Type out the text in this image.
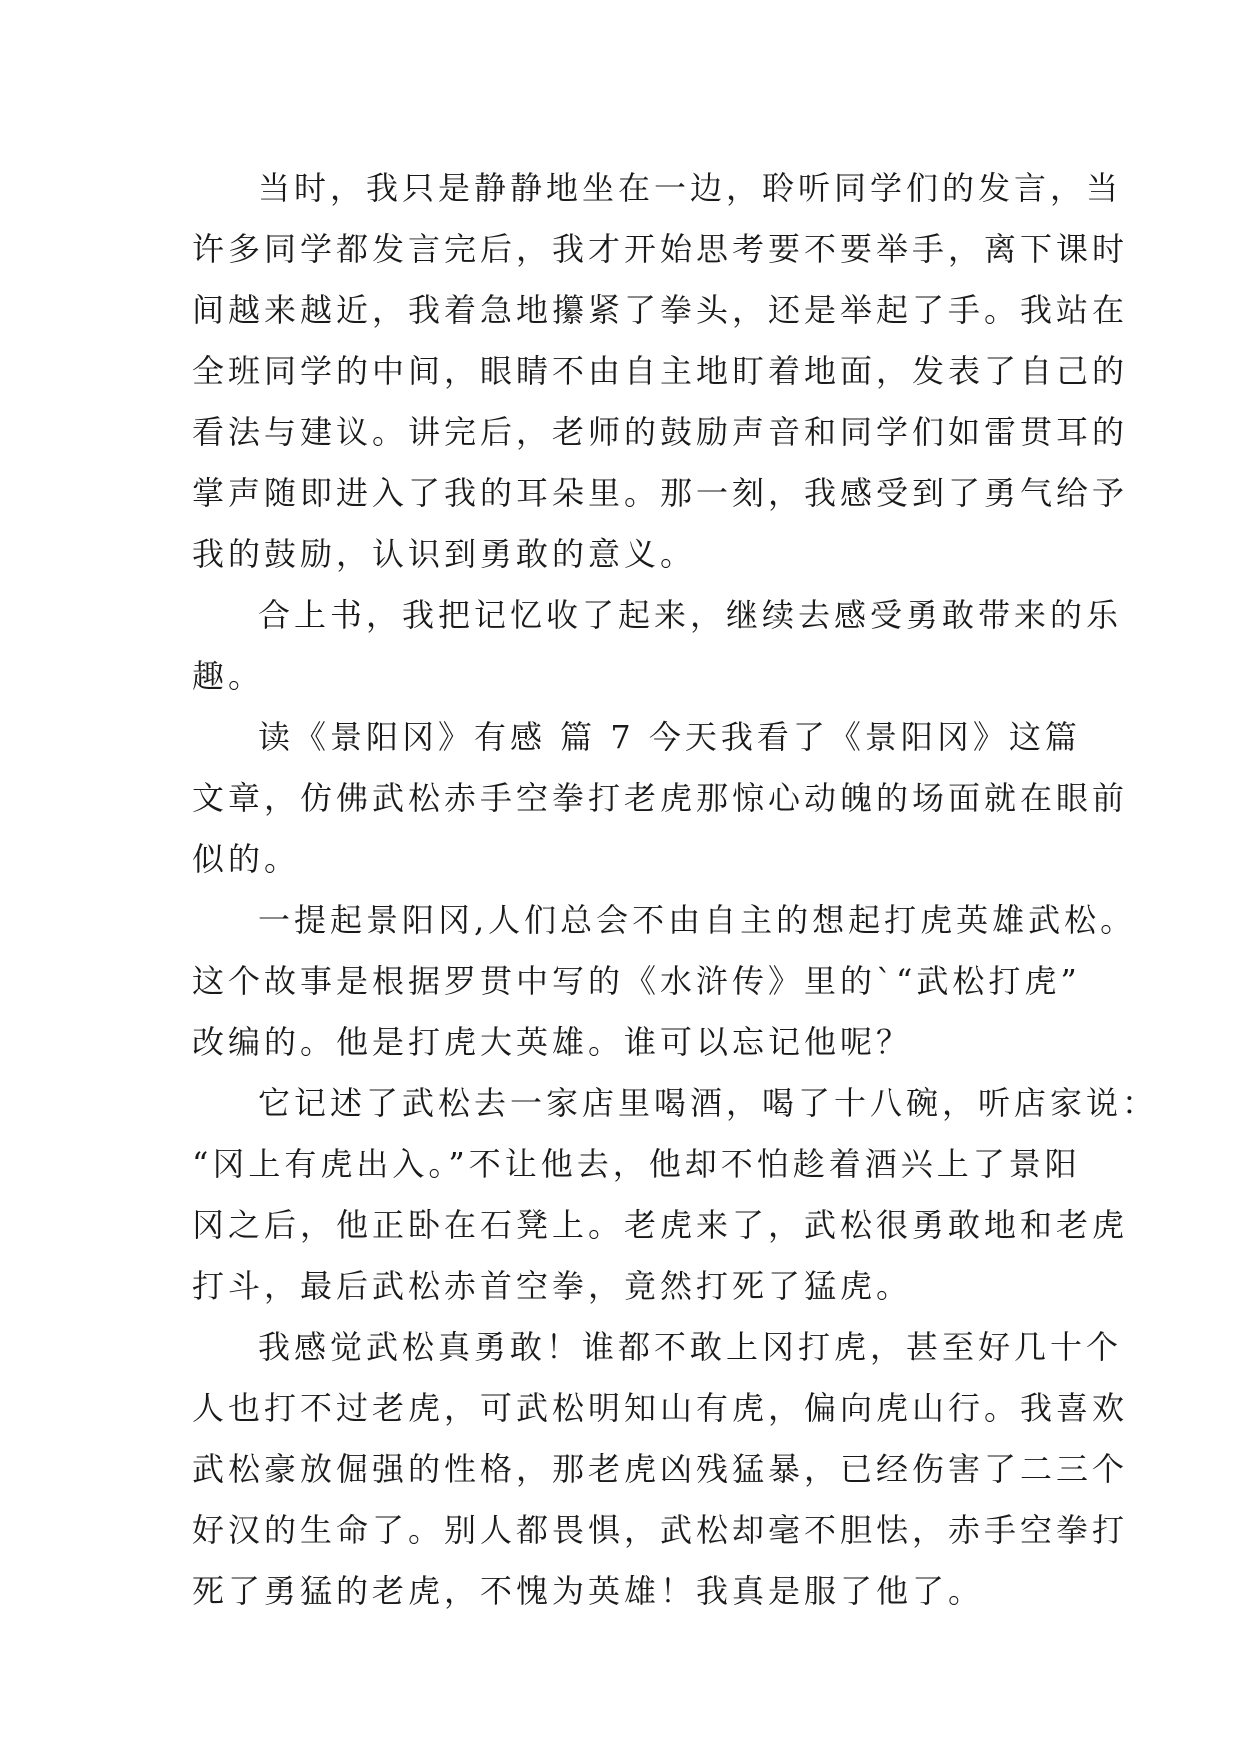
当时，我只是静静地坐在一边，聆听同学们的发言，当
许多同学都发言完后，我才开始思考要不要举手，离下课时
间越来越近，我着急地攥紧了拳头，还是举起了手。我站在
全班同学的中间，眼睛不由自主地盯着地面，发表了自己的
看法与建议。讲完后，老师的鼓励声音和同学们如雷贯耳的
掌声随即进入了我的耳朵里。那一刻，我感受到了勇气给予
我的鼓励，认识到勇敢的意义。
合上书，我把记忆收了起来，继续去感受勇敢带来的乐
趣。
读《景阳冈》有感 篇 7 今天我看了《景阳冈》这篇
文章，仿佛武松赤手空拳打老虎那惊心动魄的场面就在眼前
似的。
一提起景阳冈,人们总会不由自主的想起打虎英雄武松。
这个故事是根据罗贯中写的《水浒传》里的`“武松打虎”
改编的。他是打虎大英雄。谁可以忘记他呢？
它记述了武松去一家店里喝酒，喝了十八碗，听店家说：
“冈上有虎出入。”不让他去，他却不怕趁着酒兴上了景阳
冈之后，他正卧在石凳上。老虎来了，武松很勇敢地和老虎
打斗，最后武松赤首空拳，竟然打死了猛虎。
我感觉武松真勇敢！谁都不敢上冈打虎，甚至好几十个
人也打不过老虎，可武松明知山有虎，偏向虎山行。我喜欢
武松豪放倔强的性格，那老虎凶残猛暴，已经伤害了二三个
好汉的生命了。别人都畏惧，武松却毫不胆怯，赤手空拳打
死了勇猛的老虎，不愧为英雄！我真是服了他了。
